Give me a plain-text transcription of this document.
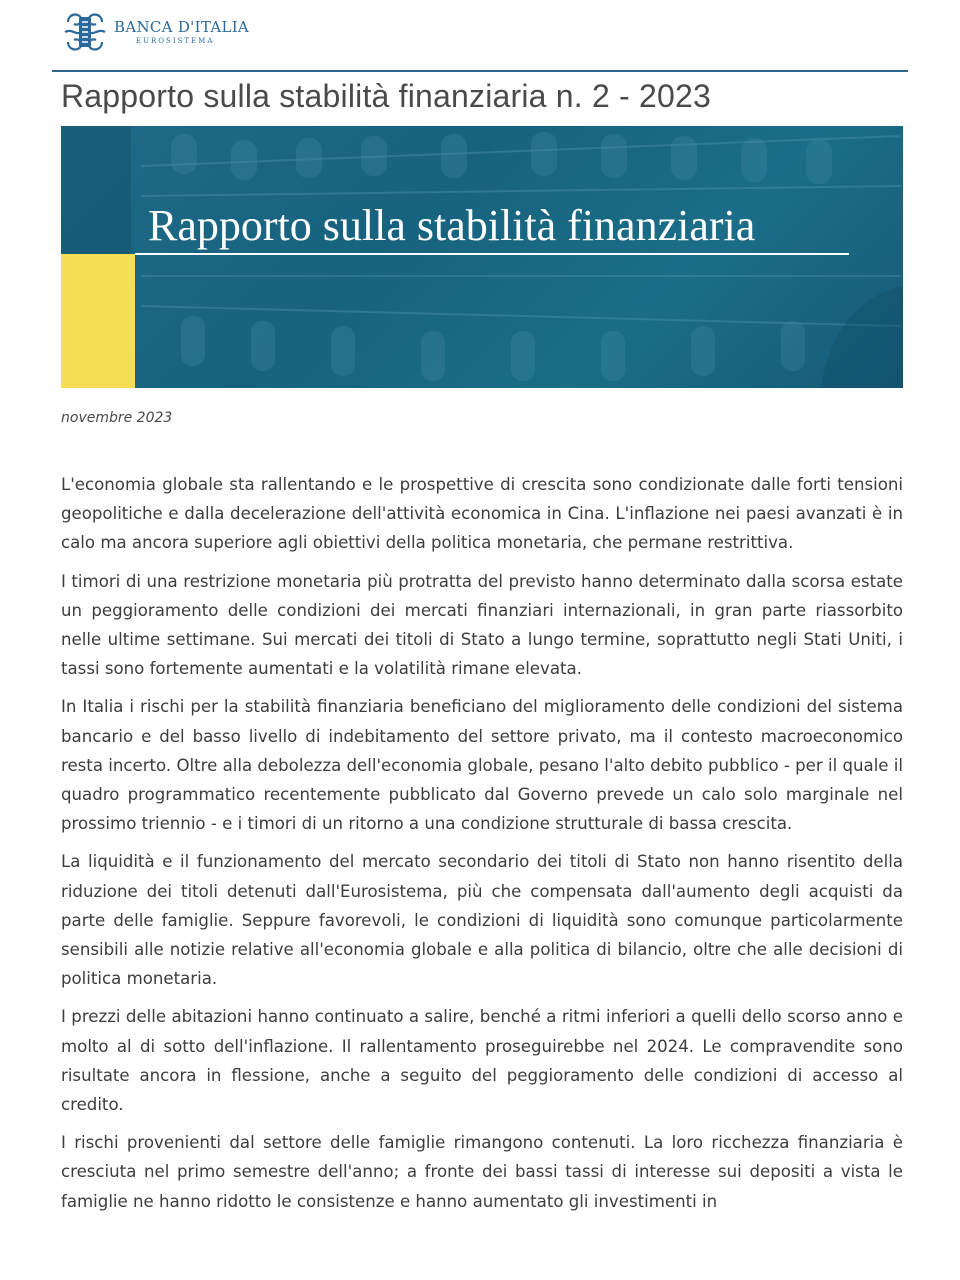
BANCA D'ITALIA
EUROSISTEMA
Rapporto sulla stabilità finanziaria n. 2 - 2023
Rapporto sulla stabilità finanziaria
novembre 2023

L'economia globale sta rallentando e le prospettive di crescita sono condizionate dalle forti tensioni geopolitiche e dalla decelerazione dell'attività economica in Cina. L'inflazione nei paesi avanzati è in calo ma ancora superiore agli obiettivi della politica monetaria, che permane restrittiva.

I timori di una restrizione monetaria più protratta del previsto hanno determinato dalla scorsa estate un peggioramento delle condizioni dei mercati finanziari internazionali, in gran parte riassorbito nelle ultime settimane. Sui mercati dei titoli di Stato a lungo termine, soprattutto negli Stati Uniti, i tassi sono fortemente aumentati e la volatilità rimane elevata.

In Italia i rischi per la stabilità finanziaria beneficiano del miglioramento delle condizioni del sistema bancario e del basso livello di indebitamento del settore privato, ma il contesto macroeconomico resta incerto. Oltre alla debolezza dell'economia globale, pesano l'alto debito pubblico - per il quale il quadro programmatico recentemente pubblicato dal Governo prevede un calo solo marginale nel prossimo triennio - e i timori di un ritorno a una condizione strutturale di bassa crescita.

La liquidità e il funzionamento del mercato secondario dei titoli di Stato non hanno risentito della riduzione dei titoli detenuti dall'Eurosistema, più che compensata dall'aumento degli acquisti da parte delle famiglie. Seppure favorevoli, le condizioni di liquidità sono comunque particolarmente sensibili alle notizie relative all'economia globale e alla politica di bilancio, oltre che alle decisioni di politica monetaria.

I prezzi delle abitazioni hanno continuato a salire, benché a ritmi inferiori a quelli dello scorso anno e molto al di sotto dell'inflazione. Il rallentamento proseguirebbe nel 2024. Le compravendite sono risultate ancora in flessione, anche a seguito del peggioramento delle condizioni di accesso al credito.

I rischi provenienti dal settore delle famiglie rimangono contenuti. La loro ricchezza finanziaria è cresciuta nel primo semestre dell'anno; a fronte dei bassi tassi di interesse sui depositi a vista le famiglie ne hanno ridotto le consistenze e hanno aumentato gli investimenti in
